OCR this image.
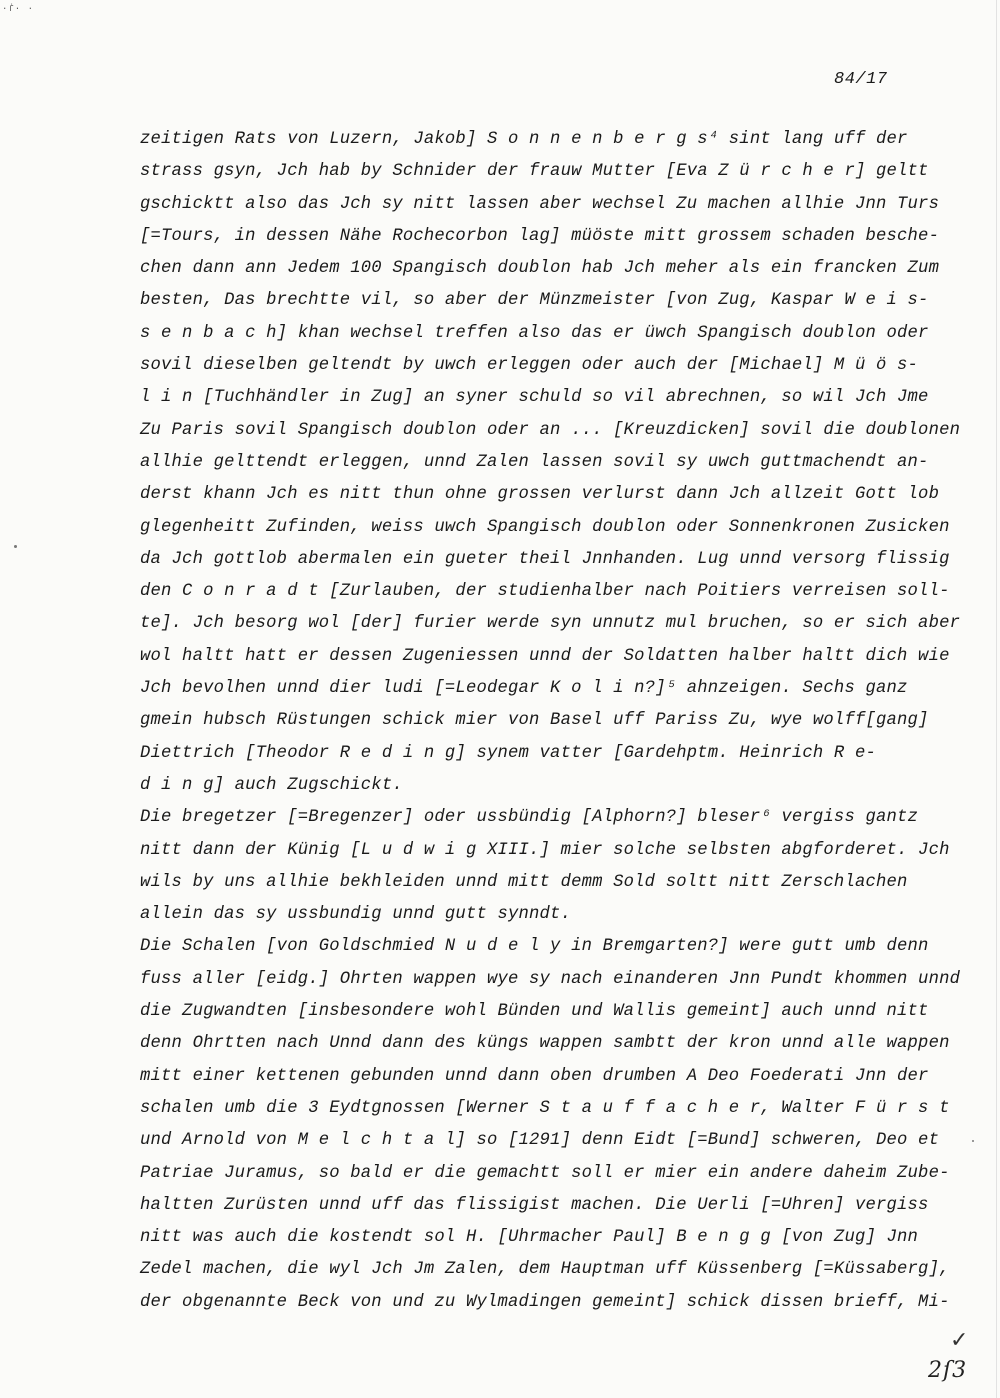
·ẛ· ·
84/17
zeitigen Rats von Luzern, Jakob] S o n n e n b e r g s⁴ sint lang uff der
strass gsyn, Jch hab by Schnider der frauw Mutter [Eva Z ü r c h e r] geltt
gschicktt also das Jch sy nitt lassen aber wechsel Zu machen allhie Jnn Turs
[=Tours, in dessen Nähe Rochecorbon lag] müöste mitt grossem schaden besche-
chen dann ann Jedem 100 Spangisch doublon hab Jch meher als ein francken Zum
besten, Das brechtte vil, so aber der Münzmeister [von Zug, Kaspar W e i s-
s e n b a c h] khan wechsel treffen also das er üwch Spangisch doublon oder
sovil dieselben geltendt by uwch erleggen oder auch der [Michael] M ü ö s-
l i n [Tuchhändler in Zug] an syner schuld so vil abrechnen, so wil Jch Jme
Zu Paris sovil Spangisch doublon oder an ... [Kreuzdicken] sovil die doublonen
allhie gelttendt erleggen, unnd Zalen lassen sovil sy uwch guttmachendt an-
derst khann Jch es nitt thun ohne grossen verlurst dann Jch allzeit Gott lob
glegenheitt Zufinden, weiss uwch Spangisch doublon oder Sonnenkronen Zusicken
da Jch gottlob abermalen ein gueter theil Jnnhanden. Lug unnd versorg flissig
den C o n r a d t [Zurlauben, der studienhalber nach Poitiers verreisen soll-
te]. Jch besorg wol [der] furier werde syn unnutz mul bruchen, so er sich aber
wol haltt hatt er dessen Zugeniessen unnd der Soldatten halber haltt dich wie
Jch bevolhen unnd dier ludi [=Leodegar K o l i n?]⁵ ahnzeigen. Sechs ganz
gmein hubsch Rüstungen schick mier von Basel uff Pariss Zu, wye wolff[gang]
Diettrich [Theodor R e d i n g] synem vatter [Gardehptm. Heinrich R e-
d i n g] auch Zugschickt.
Die bregetzer [=Bregenzer] oder ussbündig [Alphorn?] bleser⁶ vergiss gantz
nitt dann der Künig [L u d w i g XIII.] mier solche selbsten abgforderet. Jch
wils by uns allhie bekhleiden unnd mitt demm Sold soltt nitt Zerschlachen
allein das sy ussbundig unnd gutt synndt.
Die Schalen [von Goldschmied N u d e l y in Bremgarten?] were gutt umb denn
fuss aller [eidg.] Ohrten wappen wye sy nach einanderen Jnn Pundt khommen unnd
die Zugwandten [insbesondere wohl Bünden und Wallis gemeint] auch unnd nitt
denn Ohrtten nach Unnd dann des küngs wappen sambtt der kron unnd alle wappen
mitt einer kettenen gebunden unnd dann oben drumben A Deo Foederati Jnn der
schalen umb die 3 Eydtgnossen [Werner S t a u f f a c h e r, Walter F ü r s t
und Arnold von M e l c h t a l] so [1291] denn Eidt [=Bund] schweren, Deo et
Patriae Juramus, so bald er die gemachtt soll er mier ein andere daheim Zube-
haltten Zurüsten unnd uff das flissigist machen. Die Uerli [=Uhren] vergiss
nitt was auch die kostendt sol H. [Uhrmacher Paul] B e n g g [von Zug] Jnn
Zedel machen, die wyl Jch Jm Zalen, dem Hauptman uff Küssenberg [=Küssaberg],
der obgenannte Beck von und zu Wylmadingen gemeint] schick dissen brieff, Mi-
✓
2ſ3
